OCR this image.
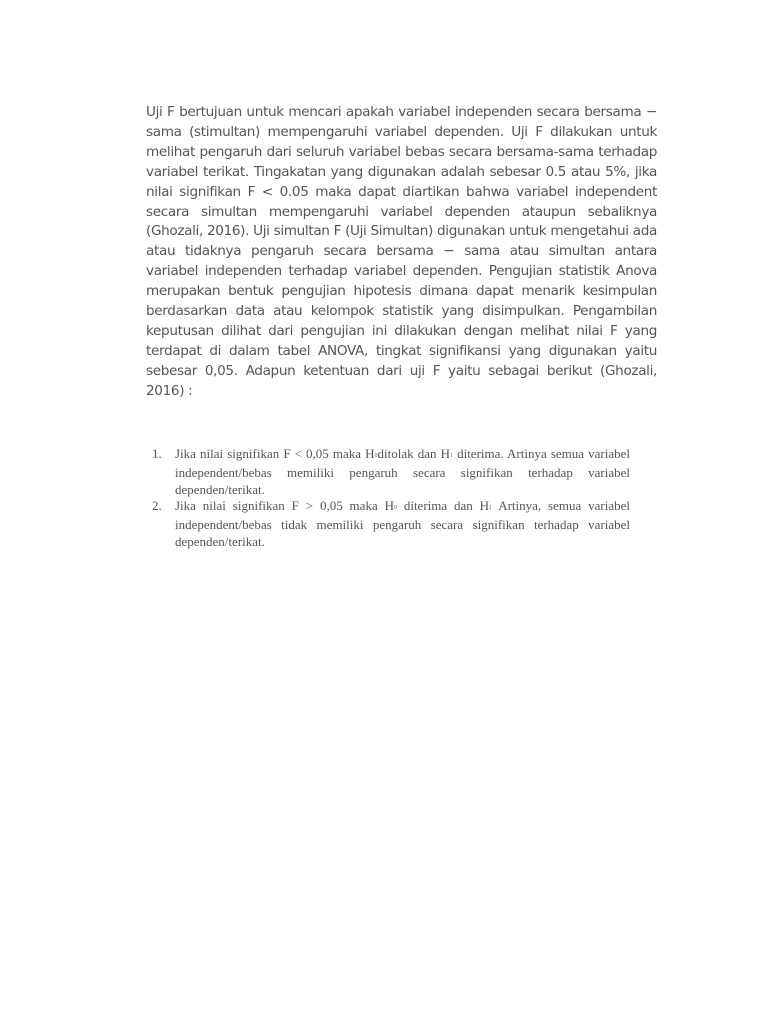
Uji F bertujuan untuk mencari apakah variabel independen secara bersama − sama (stimultan) mempengaruhi variabel dependen. Uji F dilakukan untuk melihat pengaruh dari seluruh variabel bebas secara bersama-sama terhadap variabel terikat. Tingakatan yang digunakan adalah sebesar 0.5 atau 5%, jika nilai signifikan F < 0.05 maka dapat diartikan bahwa variabel independent secara simultan mempengaruhi variabel dependen ataupun sebaliknya (Ghozali, 2016). Uji simultan F (Uji Simultan) digunakan untuk mengetahui ada atau tidaknya pengaruh secara bersama − sama atau simultan antara variabel independen terhadap variabel dependen. Pengujian statistik Anova merupakan bentuk pengujian hipotesis dimana dapat menarik kesimpulan berdasarkan data atau kelompok statistik yang disimpulkan. Pengambilan keputusan dilihat dari pengujian ini dilakukan dengan melihat nilai F yang terdapat di dalam tabel ANOVA, tingkat signifikansi yang digunakan yaitu sebesar 0,05. Adapun ketentuan dari uji F yaitu sebagai berikut (Ghozali, 2016) :

1. Jika nilai signifikan F < 0,05 maka H0ditolak dan H1 diterima. Artinya semua variabel independent/bebas memiliki pengaruh secara signifikan terhadap variabel dependen/terikat.
2. Jika nilai signifikan F > 0,05 maka H0 diterima dan H1 Artinya, semua variabel independent/bebas tidak memiliki pengaruh secara signifikan terhadap variabel dependen/terikat.
